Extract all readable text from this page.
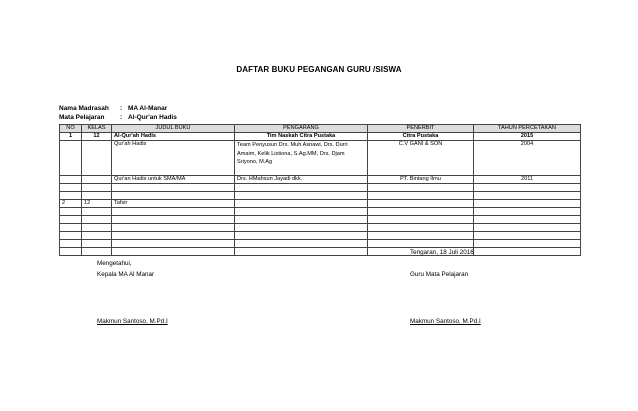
DAFTAR BUKU PEGANGAN GURU /SISWA
Nama Madrasah : MA Al-Manar
Mata Pelajaran : Al-Qur'an Hadis
NO	KELAS	JUDUL BUKU	PENGARANG	PENERBIT		TAHUN PERCETAKAN
1	12	Al-Qur'ah Hadis	Tim Naskah Citra Pustaka	Citra Pustaka		2015
		Qur'ah Hadis	Team Penyusun Drs. Muh Asnawi, Drs. Durri Amaim, Kelik Listiona, S.Ag.MM, Drs. Djam Sriyono, M.Ag	C.V GANI & SON		2004
		Qur'an Hadis untuk SMA/MA	Drs. HMahsun Jayadi dkk.	PT. Bintang Ilmu		2011

2	12	Tafsir				

Tengaran, 18 Juli 2016
Mengetahui,
Kepala MA Al Manar	Guru Mata Pelajaran
Makmun Santoso, M.Pd.I	Makmun Santoso, M.Pd.I
